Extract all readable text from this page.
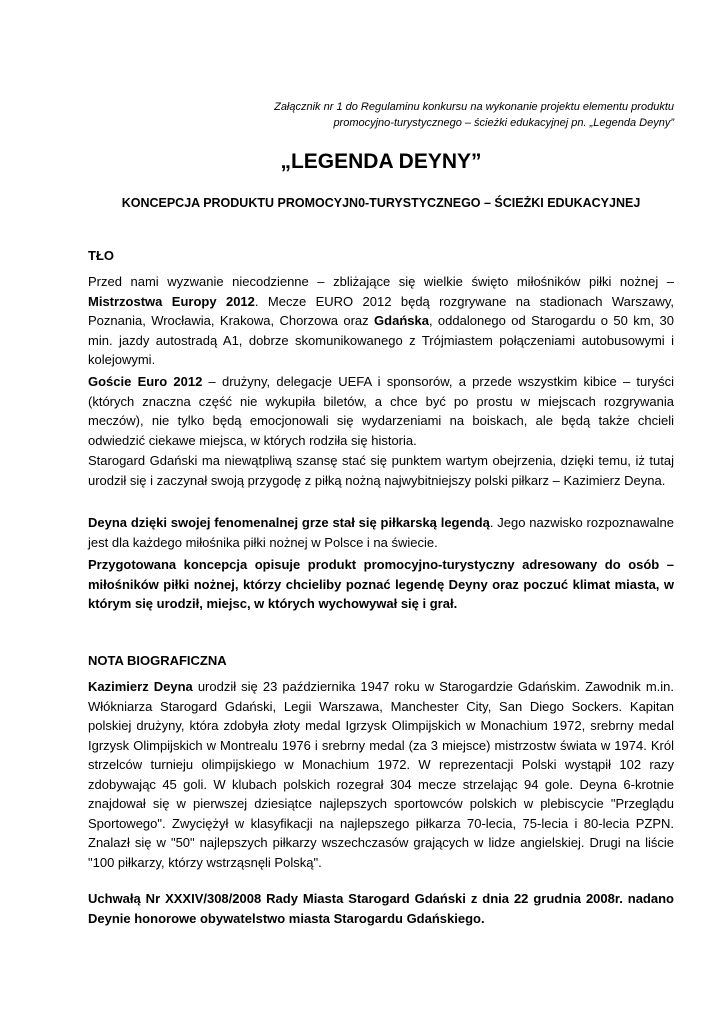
Załącznik nr 1 do Regulaminu konkursu na wykonanie projektu elementu produktu
promocyjno-turystycznego – ścieżki edukacyjnej pn. „Legenda Deyny”
„LEGENDA DEYNY”
KONCEPCJA PRODUKTU PROMOCYJN0-TURYSTYCZNEGO – ŚCIEŻKI EDUKACYJNEJ
TŁO

Przed nami wyzwanie niecodzienne – zbliżające się wielkie święto miłośników piłki nożnej – Mistrzostwa Europy 2012. Mecze EURO 2012 będą rozgrywane na stadionach Warszawy, Poznania, Wrocławia, Krakowa, Chorzowa oraz Gdańska, oddalonego od Starogardu o 50 km, 30 min. jazdy autostradą A1, dobrze skomunikowanego z Trójmiastem połączeniami autobusowymi i kolejowymi.

Goście Euro 2012 – drużyny, delegacje UEFA i sponsorów, a przede wszystkim kibice – turyści (których znaczna część nie wykupiła biletów, a chce być po prostu w miejscach rozgrywania meczów), nie tylko będą emocjonowali się wydarzeniami na boiskach, ale będą także chcieli odwiedzić ciekawe miejsca, w których rodziła się historia.

Starogard Gdański ma niewątpliwą szansę stać się punktem wartym obejrzenia, dzięki temu, iż tutaj urodził się i zaczynał swoją przygodę z piłką nożną najwybitniejszy polski piłkarz – Kazimierz Deyna.

Deyna dzięki swojej fenomenalnej grze stał się piłkarską legendą. Jego nazwisko rozpoznawalne jest dla każdego miłośnika piłki nożnej w Polsce i na świecie.

Przygotowana koncepcja opisuje produkt promocyjno-turystyczny adresowany do osób – miłośników piłki nożnej, którzy chcieliby poznać legendę Deyny oraz poczuć klimat miasta, w którym się urodził, miejsc, w których wychowywał się i grał.

NOTA BIOGRAFICZNA

Kazimierz Deyna urodził się 23 października 1947 roku w Starogardzie Gdańskim. Zawodnik m.in. Włókniarza Starogard Gdański, Legii Warszawa, Manchester City, San Diego Sockers. Kapitan polskiej drużyny, która zdobyła złoty medal Igrzysk Olimpijskich w Monachium 1972, srebrny medal Igrzysk Olimpijskich w Montrealu 1976 i srebrny medal (za 3 miejsce) mistrzostw świata w 1974. Król strzelców turnieju olimpijskiego w Monachium 1972. W reprezentacji Polski wystąpił 102 razy zdobywając 45 goli. W klubach polskich rozegrał 304 mecze strzelając 94 gole. Deyna 6-krotnie znajdował się w pierwszej dziesiątce najlepszych sportowców polskich w plebiscycie "Przeglądu Sportowego". Zwyciężył w klasyfikacji na najlepszego piłkarza 70-lecia, 75-lecia i 80-lecia PZPN. Znalazł się w "50" najlepszych piłkarzy wszechczasów grających w lidze angielskiej. Drugi na liście "100 piłkarzy, którzy wstrząsnęli Polską".

Uchwałą Nr XXXIV/308/2008 Rady Miasta Starogard Gdański z dnia 22 grudnia 2008r. nadano Deynie honorowe obywatelstwo miasta Starogardu Gdańskiego.
